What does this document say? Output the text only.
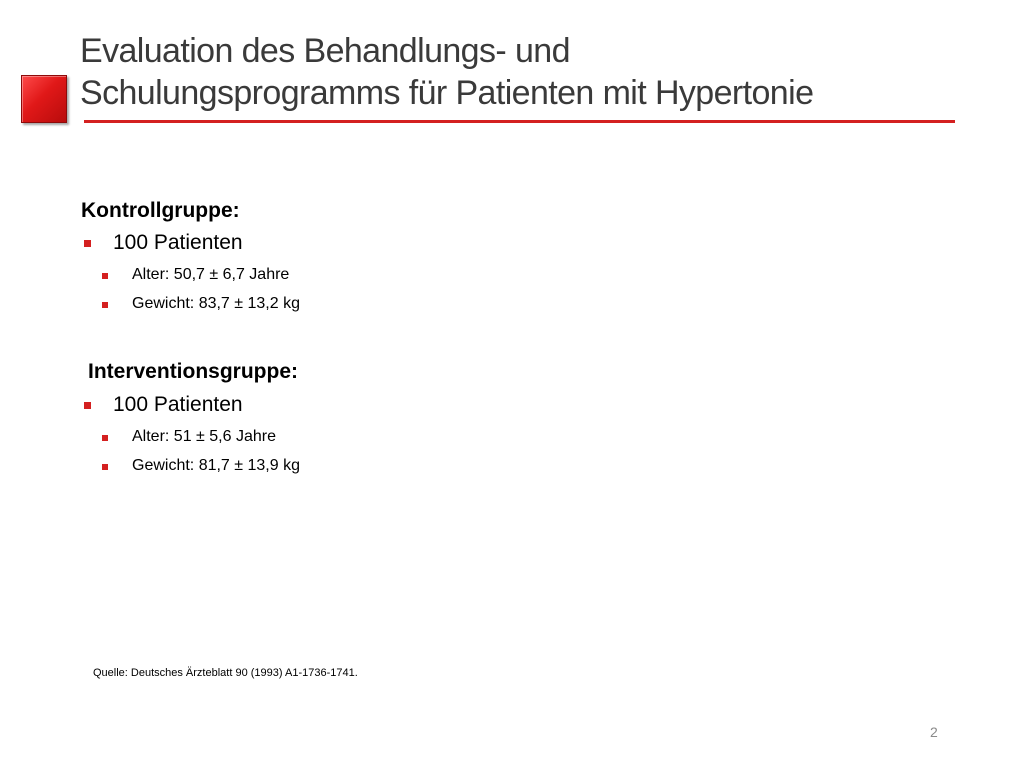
Evaluation des Behandlungs- und
Schulungsprogramms für Patienten mit Hypertonie
Kontrollgruppe:
100 Patienten
Alter: 50,7 ± 6,7 Jahre
Gewicht: 83,7 ± 13,2 kg
Interventionsgruppe:
100 Patienten
Alter: 51 ± 5,6 Jahre
Gewicht: 81,7 ± 13,9 kg
Quelle: Deutsches Ärzteblatt 90 (1993) A1-1736-1741.
2
